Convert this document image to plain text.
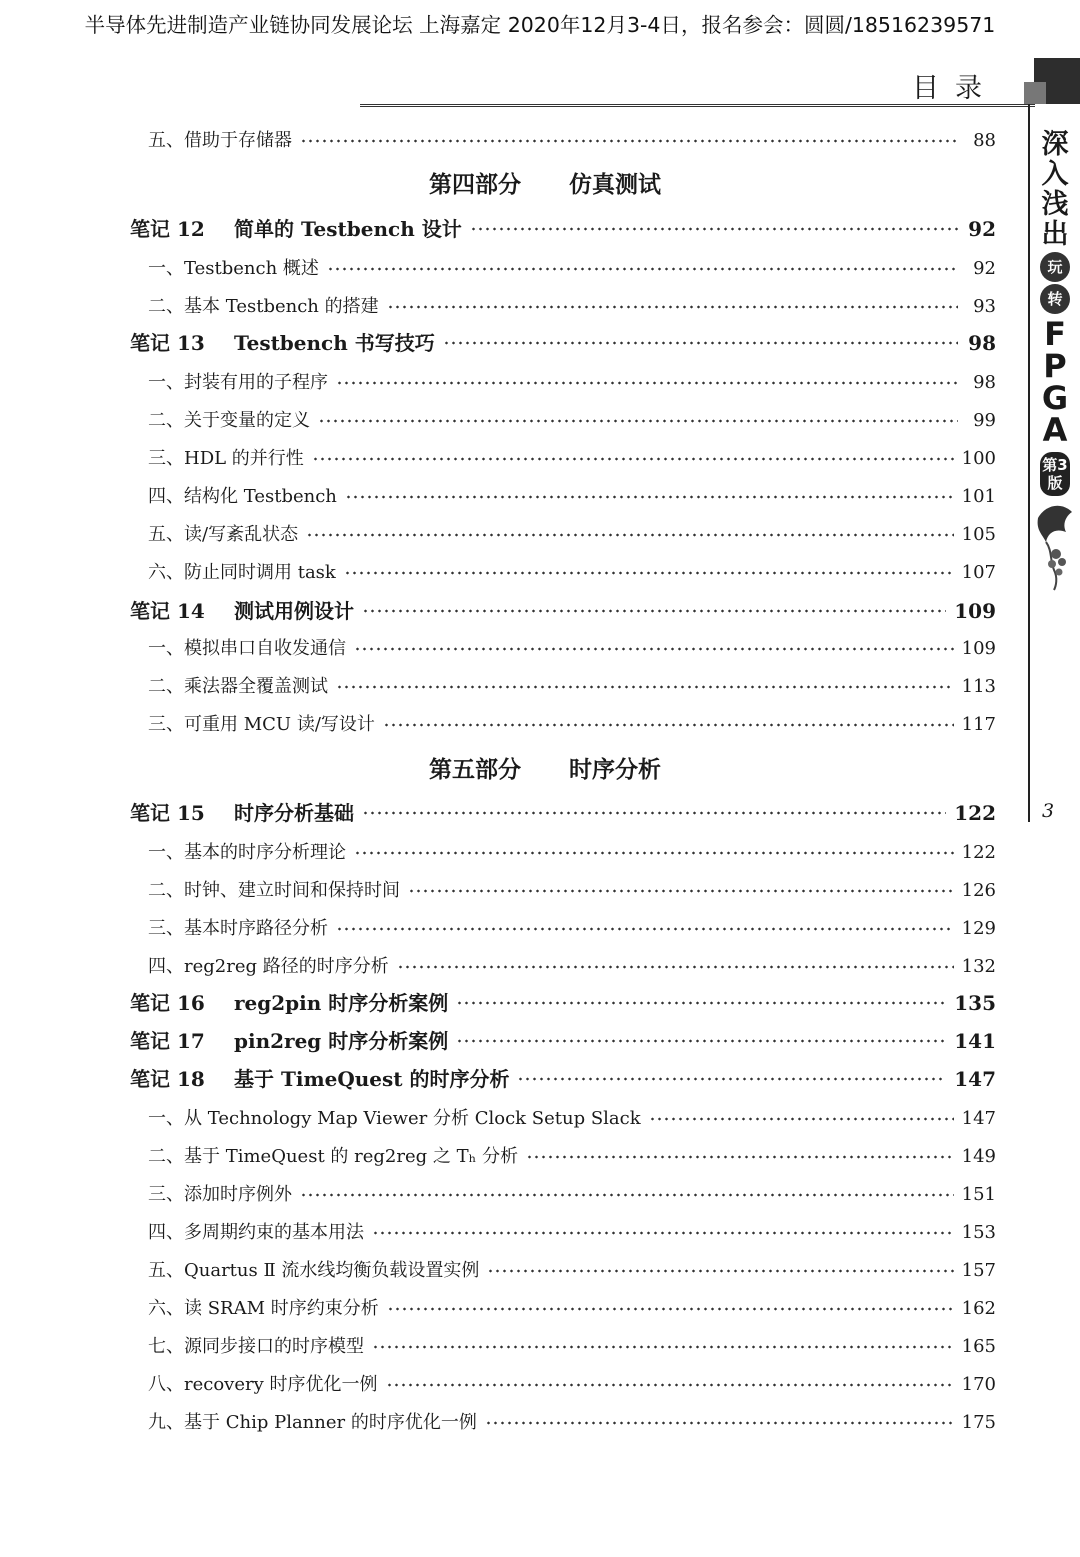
半导体先进制造产业链协同发展论坛 上海嘉定 2020年12月3-4日，报名参会：圆圆/18516239571
目录
深入浅出
玩
转
FPGA
第3版
3
五、借助于存储器	88
第四部分 仿真测试
笔记 12 简单的 Testbench 设计	92
一、Testbench 概述	92
二、基本 Testbench 的搭建	93
笔记 13 Testbench 书写技巧	98
一、封装有用的子程序	98
二、关于变量的定义	99
三、HDL 的并行性	100
四、结构化 Testbench	101
五、读/写紊乱状态	105
六、防止同时调用 task	107
笔记 14 测试用例设计	109
一、模拟串口自收发通信	109
二、乘法器全覆盖测试	113
三、可重用 MCU 读/写设计	117
第五部分 时序分析
笔记 15 时序分析基础	122
一、基本的时序分析理论	122
二、时钟、建立时间和保持时间	126
三、基本时序路径分析	129
四、reg2reg 路径的时序分析	132
笔记 16 reg2pin 时序分析案例	135
笔记 17 pin2reg 时序分析案例	141
笔记 18 基于 TimeQuest 的时序分析	147
一、从 Technology Map Viewer 分析 Clock Setup Slack	147
二、基于 TimeQuest 的 reg2reg 之 Tₕ 分析	149
三、添加时序例外	151
四、多周期约束的基本用法	153
五、Quartus Ⅱ 流水线均衡负载设置实例	157
六、读 SRAM 时序约束分析	162
七、源同步接口的时序模型	165
八、recovery 时序优化一例	170
九、基于 Chip Planner 的时序优化一例	175
